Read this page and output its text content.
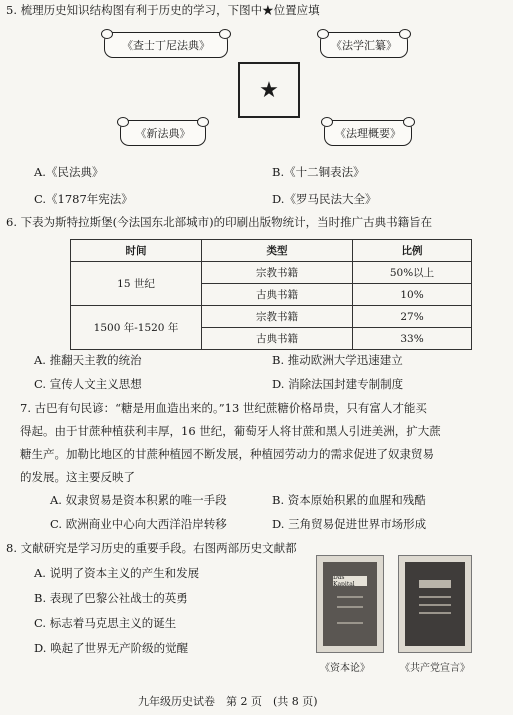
5. 梳理历史知识结构图有利于历史的学习，下图中★位置应填
《查士丁尼法典》	《法学汇纂》
★
《新法典》	《法理概要》
A.《民法典》	B.《十二铜表法》
C.《1787年宪法》	D.《罗马民法大全》
6. 下表为斯特拉斯堡(今法国东北部城市)的印刷出版物统计，当时推广古典书籍旨在
时间	类型	比例
15 世纪	宗教书籍	50%以上
	古典书籍	10%
1500 年-1520 年	宗教书籍	27%
	古典书籍	33%
A. 推翻天主教的统治	B. 推动欧洲大学迅速建立
C. 宣传人文主义思想	D. 消除法国封建专制制度
7. 古巴有句民谚：“糖是用血造出来的。”13 世纪蔗糖价格昂贵，只有富人才能买
得起。由于甘蔗种植获利丰厚，16 世纪，葡萄牙人将甘蔗和黑人引进美洲，扩大蔗
糖生产。加勒比地区的甘蔗种植园不断发展，种植园劳动力的需求促进了奴隶贸易
的发展。这主要反映了
A. 奴隶贸易是资本积累的唯一手段	B. 资本原始积累的血腥和残酷
C. 欧洲商业中心向大西洋沿岸转移	D. 三角贸易促进世界市场形成
8. 文献研究是学习历史的重要手段。右图两部历史文献都
A. 说明了资本主义的产生和发展
B. 表现了巴黎公社战士的英勇
C. 标志着马克思主义的诞生
D. 唤起了世界无产阶级的觉醒
Das Kapital
《资本论》	《共产党宣言》
九年级历史试卷　第 2 页　(共 8 页)
